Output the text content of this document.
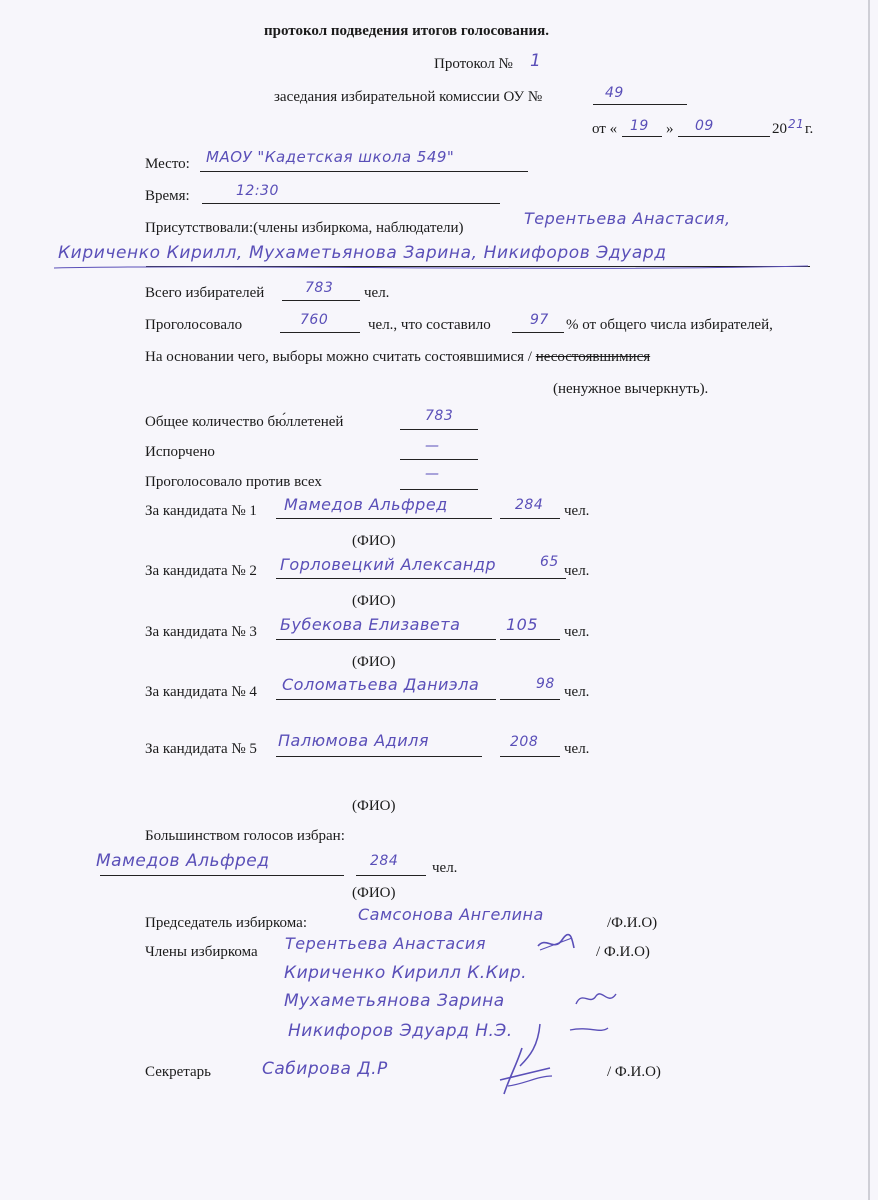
протокол подведения итогов голосования.
Протокол № 1
заседания избирательной комиссии ОУ №	49
от « 19 » 09	20 21 г.
Место: МАОУ "Кадетская школа 549"
Время:	12:30
Присутствовали:(члены избиркома, наблюдатели)	Терентьева Анастасия,
Кириченко Кирилл, Мухаметьянова Зарина, Никифоров Эдуард
Всего избирателей	783 чел.
Проголосовало	760	чел., что составило	97 % от общего числа избирателей,
На основании чего, выборы можно считать состоявшимися / несостоявшимися
(ненужное вычеркнуть).
Общее количество бю́ллетеней	783
Испорчено	—
Проголосовало против всех	—
За кандидата № 1 Мамедов Альфред	284 чел.
(ФИО)
За кандидата № 2 Горловецкий Александр	65
чел.
(ФИО)
За кандидата № 3 Бубекова Елизавета	105 чел.
(ФИО)
За кандидата № 4 Соломатьева Даниэла	98 чел.
За кандидата № 5 Палюмова Адиля	208 чел.
(ФИО)
Большинством голосов избран:
Мамедов Альфред	284 чел.
(ФИО)
Председатель избиркома:	Самсонова Ангелина	/Ф.И.О)
Члены избиркома Терентьева Анастасия	/ Ф.И.О)
Кириченко Кирилл К.Кир.
Мухаметьянова Зарина
Никифоров Эдуард Н.Э.
Секретарь	Сабирова Д.Р	/ Ф.И.О)
